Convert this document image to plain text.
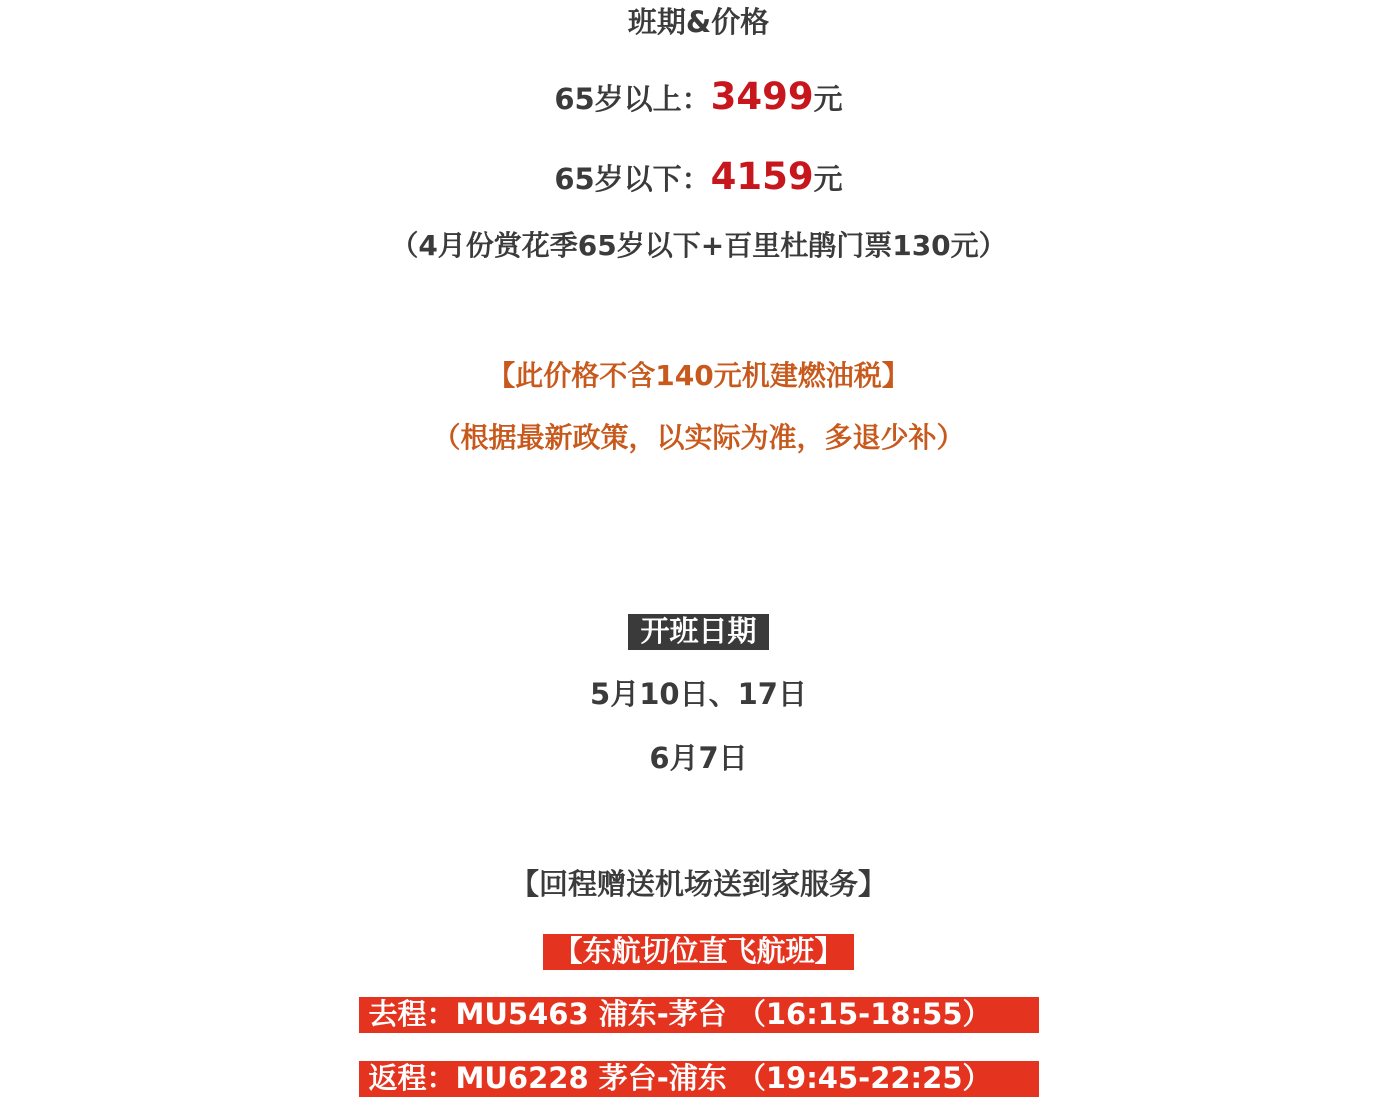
班期&价格
65岁以上：3499元
65岁以下：4159元
（4月份赏花季65岁以下+百里杜鹃门票130元）
【此价格不含140元机建燃油税】
（根据最新政策，以实际为准，多退少补）
开班日期
5月10日、17日
6月7日
【回程赠送机场送到家服务】
【东航切位直飞航班】
去程：MU5463 浦东-茅台 （16:15-18:55）
返程：MU6228 茅台-浦东 （19:45-22:25）
